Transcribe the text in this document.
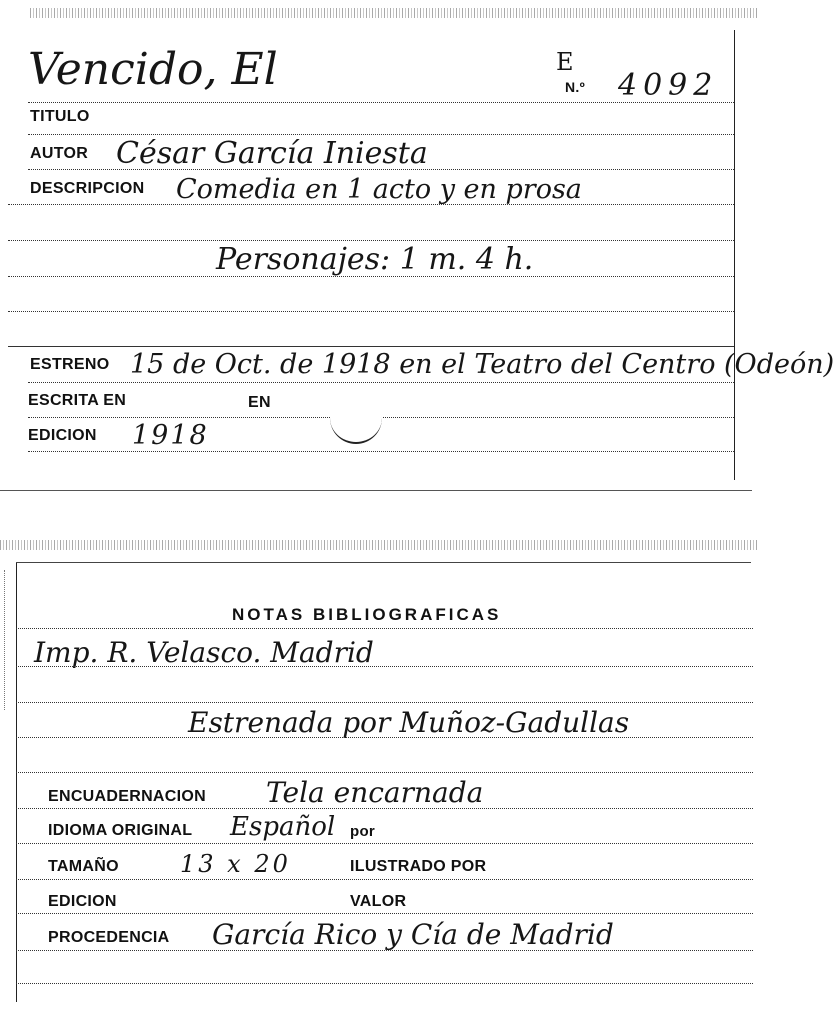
Vencido, El	E
N.º 4092
TITULO
AUTOR César García Iniesta
DESCRIPCION Comedia en 1 acto y en prosa
Personajes: 1 m. 4 h.
ESTRENO 15 de Oct. de 1918 en el Teatro del Centro (Odeón)
ESCRITA EN	EN
EDICION 1918
NOTAS BIBLIOGRAFICAS
Imp. R. Velasco. Madrid
Estrenada por Muñoz-Gadullas
ENCUADERNACION Tela encarnada
IDIOMA ORIGINAL Español por
TAMAÑO	13 x 20	ILUSTRADO POR
EDICION	VALOR
PROCEDENCIA García Rico y Cía de Madrid
